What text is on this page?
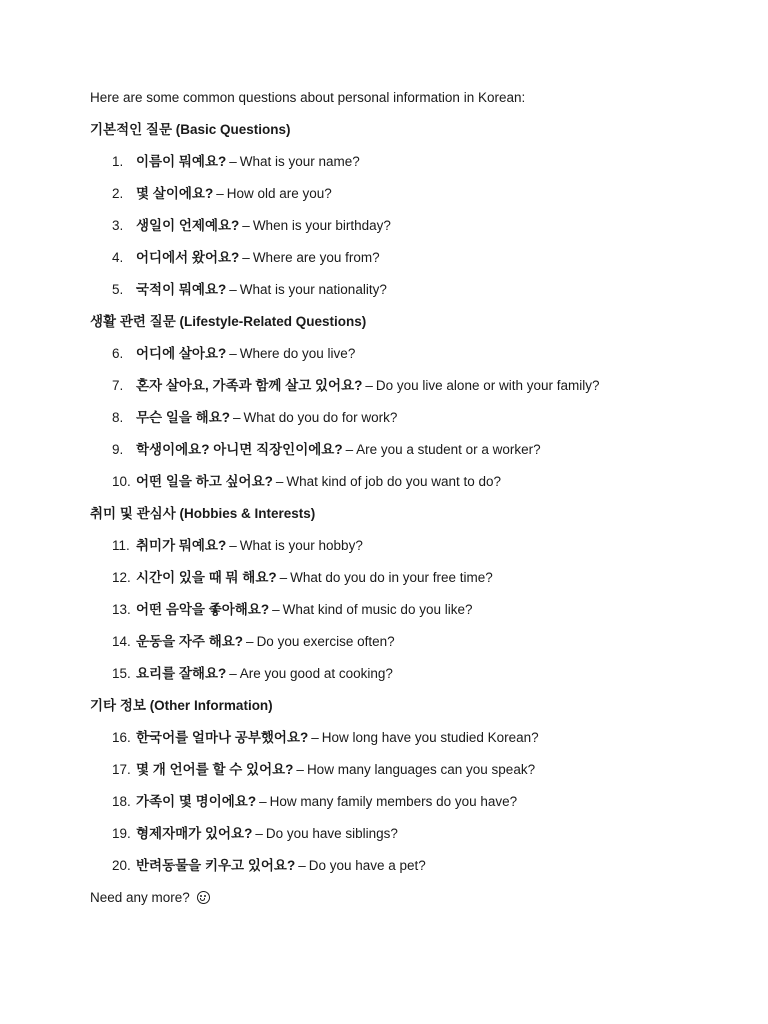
Here are some common questions about personal information in Korean:
기본적인 질문 (Basic Questions)
1. 이름이 뭐예요? – What is your name?
2. 몇 살이에요? – How old are you?
3. 생일이 언제예요? – When is your birthday?
4. 어디에서 왔어요? – Where are you from?
5. 국적이 뭐예요? – What is your nationality?
생활 관련 질문 (Lifestyle-Related Questions)
6. 어디에 살아요? – Where do you live?
7. 혼자 살아요, 가족과 함께 살고 있어요? – Do you live alone or with your family?
8. 무슨 일을 해요? – What do you do for work?
9. 학생이에요? 아니면 직장인이에요? – Are you a student or a worker?
10. 어떤 일을 하고 싶어요? – What kind of job do you want to do?
취미 및 관심사 (Hobbies & Interests)
11. 취미가 뭐예요? – What is your hobby?
12. 시간이 있을 때 뭐 해요? – What do you do in your free time?
13. 어떤 음악을 좋아해요? – What kind of music do you like?
14. 운동을 자주 해요? – Do you exercise often?
15. 요리를 잘해요? – Are you good at cooking?
기타 정보 (Other Information)
16. 한국어를 얼마나 공부했어요? – How long have you studied Korean?
17. 몇 개 언어를 할 수 있어요? – How many languages can you speak?
18. 가족이 몇 명이에요? – How many family members do you have?
19. 형제자매가 있어요? – Do you have siblings?
20. 반려동물을 키우고 있어요? – Do you have a pet?
Need any more?
